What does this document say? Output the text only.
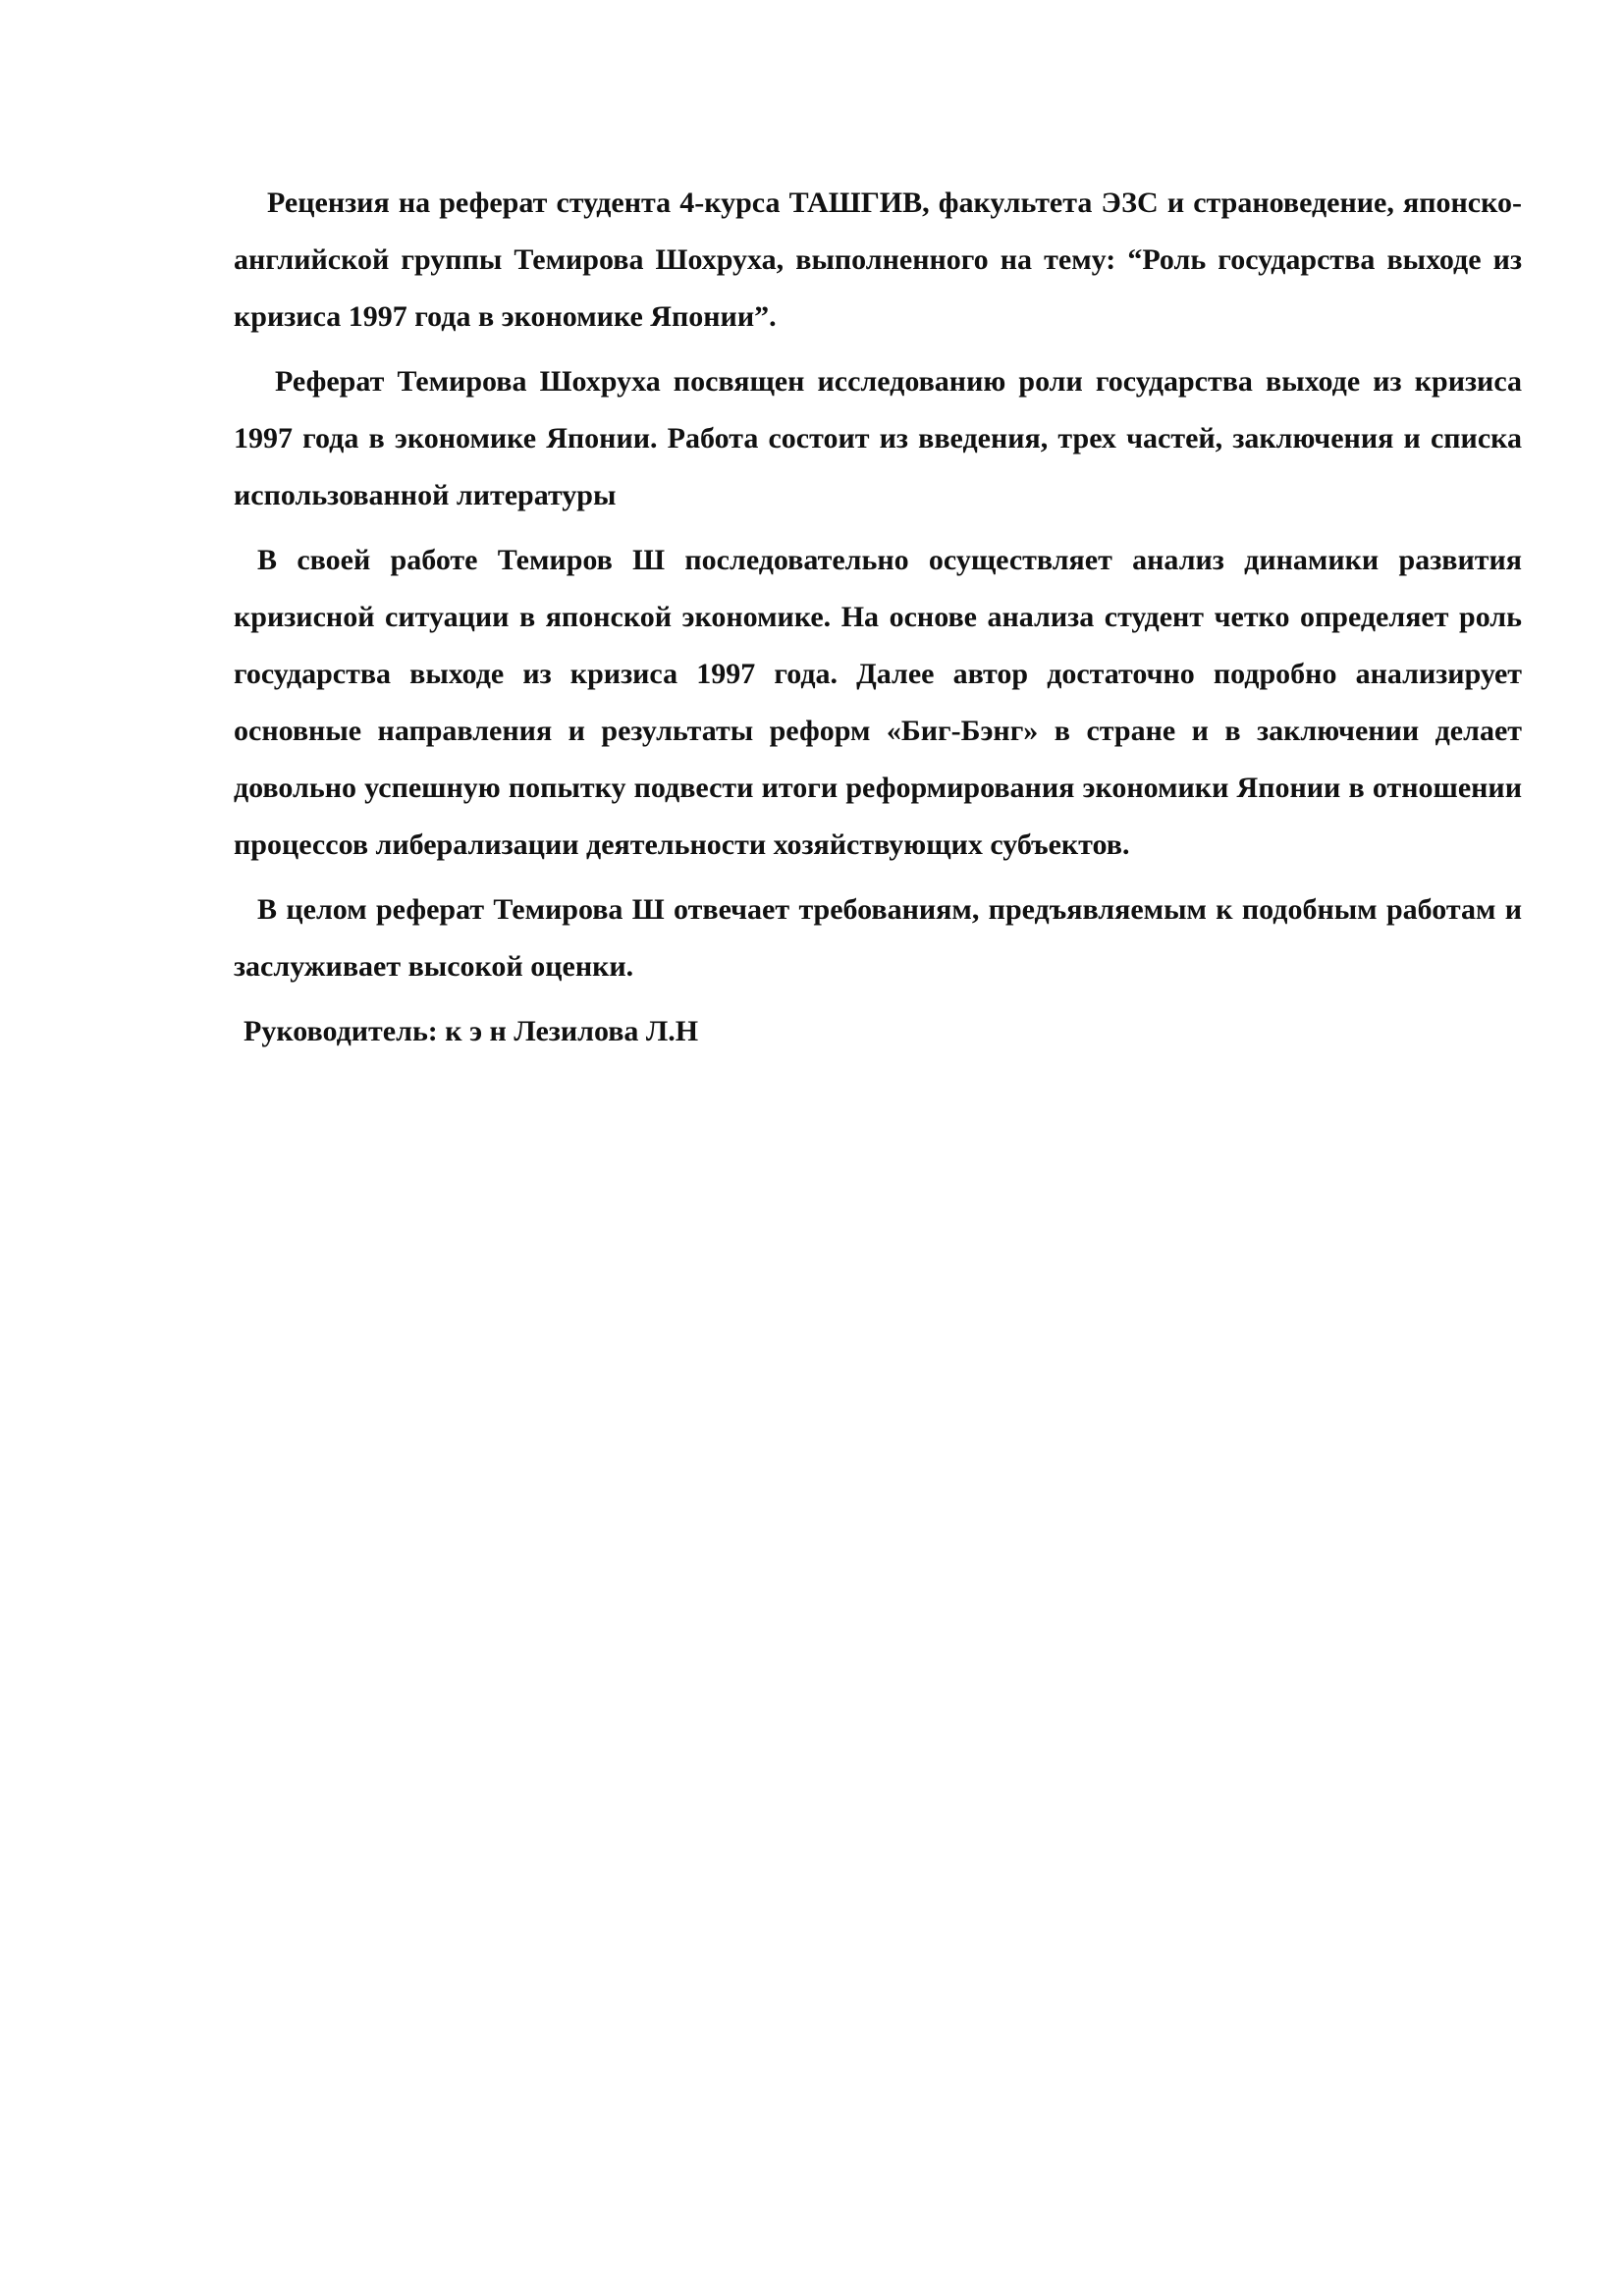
Рецензия на реферат студента 4-курса ТАШГИВ, факультета ЭЗС и страноведение, японско-английской группы Темирова Шохруха, выполненного на тему: “Роль государства выходе из кризиса 1997 года в экономике Японии”.

Реферат Темирова Шохруха посвящен исследованию роли государства выходе из кризиса 1997 года в экономике Японии. Работа состоит из введения, трех частей, заключения и списка использованной литературы

В своей работе Темиров Ш последовательно осуществляет анализ динамики развития кризисной ситуации в японской экономике. На основе анализа студент четко определяет роль государства выходе из кризиса 1997 года. Далее автор достаточно подробно анализирует основные направления и результаты реформ «Биг-Бэнг» в стране и в заключении делает довольно успешную попытку подвести итоги реформирования экономики Японии в отношении процессов либерализации деятельности хозяйствующих субъектов.

В целом реферат Темирова Ш отвечает требованиям, предъявляемым к подобным работам и заслуживает высокой оценки.

Руководитель: к э н Лезилова Л.Н
